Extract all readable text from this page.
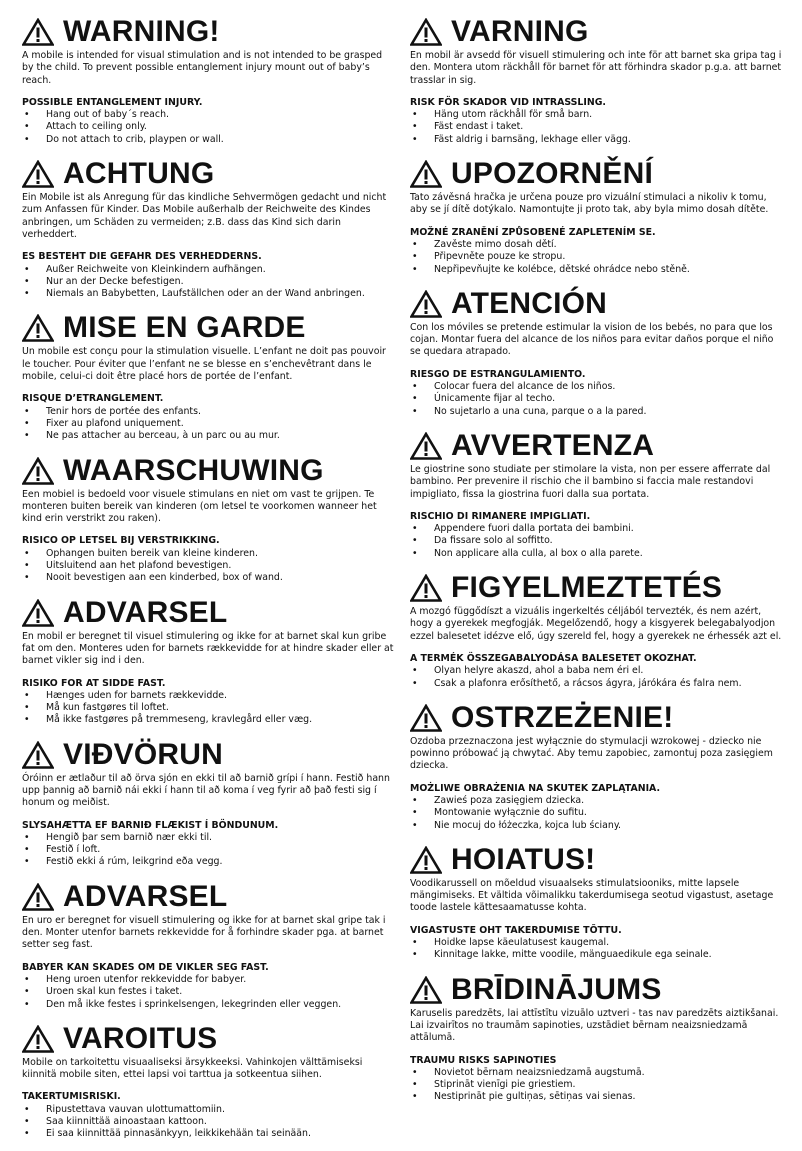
WARNING!

A mobile is intended for visual stimulation and is not intended to be grasped by the child. To prevent possible entanglement injury mount out of baby’s reach.

POSSIBLE ENTANGLEMENT INJURY.

• Hang out of baby´s reach.
• Attach to ceiling only.
• Do not attach to crib, playpen or wall.
ACHTUNG

Ein Mobile ist als Anregung für das kindliche Sehvermögen gedacht und nicht zum Anfassen für Kinder. Das Mobile außerhalb der Reichweite des Kindes anbringen, um Schäden zu vermeiden; z.B. dass das Kind sich darin verheddert.

ES BESTEHT DIE GEFAHR DES VERHEDDERNS.

• Außer Reichweite von Kleinkindern aufhängen.
• Nur an der Decke befestigen.
• Niemals an Babybetten, Laufställchen oder an der Wand anbringen.
MISE EN GARDE

Un mobile est conçu pour la stimulation visuelle. L’enfant ne doit pas pouvoir le toucher. Pour éviter que l’enfant ne se blesse en s’enchevêtrant dans le mobile, celui-ci doit être placé hors de portée de l’enfant.

RISQUE D’ETRANGLEMENT.

• Tenir hors de portée des enfants.
• Fixer au plafond uniquement.
• Ne pas attacher au berceau, à un parc ou au mur.
WAARSCHUWING

Een mobiel is bedoeld voor visuele stimulans en niet om vast te grijpen. Te monteren buiten bereik van kinderen (om letsel te voorkomen wanneer het kind erin verstrikt zou raken).

RISICO OP LETSEL BIJ VERSTRIKKING.

• Ophangen buiten bereik van kleine kinderen.
• Uitsluitend aan het plafond bevestigen.
• Nooit bevestigen aan een kinderbed, box of wand.
ADVARSEL

En mobil er beregnet til visuel stimulering og ikke for at barnet skal kun gribe fat om den. Monteres uden for barnets rækkevidde for at hindre skader eller at barnet vikler sig ind i den.

RISIKO FOR AT SIDDE FAST.

• Hænges uden for barnets rækkevidde.
• Må kun fastgøres til loftet.
• Må ikke fastgøres på tremmeseng, kravlegård eller væg.
VIÐVÖRUN

Óróinn er ætlaður til að örva sjón en ekki til að barnið grípi í hann. Festið hann upp þannig að barnið nái ekki í hann til að koma í veg fyrir að það festi sig í honum og meiðist.

SLYSAHÆTTA EF BARNIÐ FLÆKIST Í BÖNDUNUM.

• Hengið þar sem barnið nær ekki til.
• Festið í loft.
• Festið ekki á rúm, leikgrind eða vegg.
ADVARSEL

En uro er beregnet for visuell stimulering og ikke for at barnet skal gripe tak i den. Monter utenfor barnets rekkevidde for å forhindre skader pga. at barnet setter seg fast.

BABYER KAN SKADES OM DE VIKLER SEG FAST.

• Heng uroen utenfor rekkevidde for babyer.
• Uroen skal kun festes i taket.
• Den må ikke festes i sprinkelsengen, lekegrinden eller veggen.
VAROITUS

Mobile on tarkoitettu visuaaliseksi ärsykkeeksi. Vahinkojen välttämiseksi kiinnitä mobile siten, ettei lapsi voi tarttua ja sotkeentua siihen.

TAKERTUMISRISKI.

• Ripustettava vauvan ulottumattomiin.
• Saa kiinnittää ainoastaan kattoon.
• Ei saa kiinnittää pinnasänkyyn, leikkikehään tai seinään.
VARNING

En mobil är avsedd för visuell stimulering och inte för att barnet ska gripa tag i den. Montera utom räckhåll för barnet för att förhindra skador p.g.a. att barnet trasslar in sig.

RISK FÖR SKADOR VID INTRASSLING.

• Häng utom räckhåll för små barn.
• Fäst endast i taket.
• Fäst aldrig i barnsäng, lekhage eller vägg.
UPOZORNĚNÍ

Tato závěsná hračka je určena pouze pro vizuální stimulaci a nikoliv k tomu, aby se jí dítě dotýkalo. Namontujte ji proto tak, aby byla mimo dosah dítěte.

MOŽNÉ ZRANĚNÍ ZPŮSOBENÉ ZAPLETENÍM SE.

• Zavěste mimo dosah dětí.
• Připevněte pouze ke stropu.
• Nepřipevňujte ke kolébce, dětské ohrádce nebo stěně.
ATENCIÓN

Con los móviles se pretende estimular la vision de los bebés, no para que los cojan. Montar fuera del alcance de los niños para evitar daños porque el niño se quedara atrapado.

RIESGO DE ESTRANGULAMIENTO.

• Colocar fuera del alcance de los niños.
• Únicamente fijar al techo.
• No sujetarlo a una cuna, parque o a la pared.
AVVERTENZA

Le giostrine sono studiate per stimolare la vista, non per essere afferrate dal bambino. Per prevenire il rischio che il bambino si faccia male restandovi impigliato, fissa la giostrina fuori dalla sua portata.

RISCHIO DI RIMANERE IMPIGLIATI.

• Appendere fuori dalla portata dei bambini.
• Da fissare solo al soffitto.
• Non applicare alla culla, al box o alla parete.
FIGYELMEZTETÉS

A mozgó függődíszt a vizuális ingerkeltés céljából tervezték, és nem azért, hogy a gyerekek megfogják. Megelőzendő, hogy a kisgyerek belegabalyodjon ezzel balesetet idézve elő, úgy szereld fel, hogy a gyerekek ne érhessék azt el.

A TERMÉK ÖSSZEGABALYODÁSA BALESETET OKOZHAT.

• Olyan helyre akaszd, ahol a baba nem éri el.
• Csak a plafonra erősíthető, a rácsos ágyra, járókára és falra nem.
OSTRZEŻENIE!

Ozdoba przeznaczona jest wyłącznie do stymulacji wzrokowej - dziecko nie powinno próbować ją chwytać. Aby temu zapobiec, zamontuj poza zasięgiem dziecka.

MOŻLIWE OBRAŻENIA NA SKUTEK ZAPLĄTANIA.

• Zawieś poza zasięgiem dziecka.
• Montowanie wyłącznie do sufitu.
• Nie mocuj do łóżeczka, kojca lub ściany.
HOIATUS!

Voodikarussell on mõeldud visuaalseks stimulatsiooniks, mitte lapsele mängimiseks. Et vältida võimalikku takerdumisega seotud vigastust, asetage toode lastele kättesaamatusse kohta.

VIGASTUSTE OHT TAKERDUMISE TÕTTU.

• Hoidke lapse käeulatusest kaugemal.
• Kinnitage lakke, mitte voodile, mänguaedikule ega seinale.
BRĪDINĀJUMS

Karuselis paredzēts, lai attīstītu vizuālo uztveri - tas nav paredzēts aiztikšanai. Lai izvairītos no traumām sapinoties, uzstādiet bērnam neaizsniedzamā attālumā.

TRAUMU RISKS SAPINOTIES

• Novietot bērnam neaizsniedzamā augstumā.
• Stiprināt vienīgi pie griestiem.
• Nestiprināt pie gultiņas, sētiņas vai sienas.
